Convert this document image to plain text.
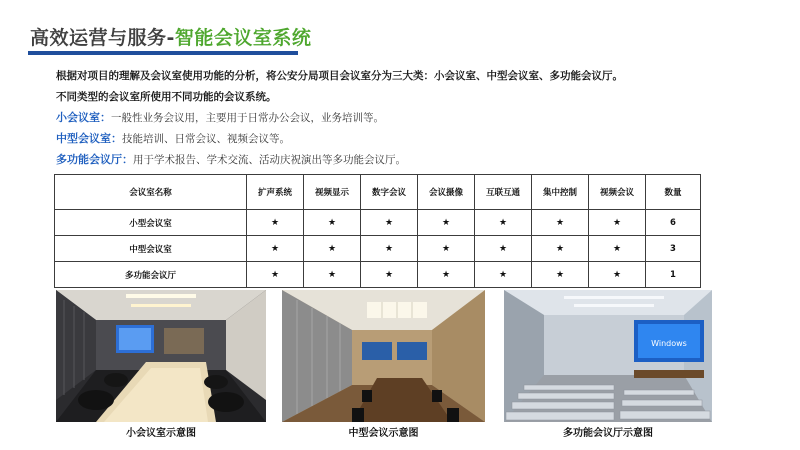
高效运营与服务- 智能会议室系统
根据对项目的理解及会议室使用功能的分析，将公安分局项目会议室分为三大类：小会议室、中型会议室、多功能会议厅。
不同类型的会议室所使用不同功能的会议系统。
小会议室：一般性业务会议用，主要用于日常办公会议，业务培训等。
中型会议室：技能培训、日常会议、视频会议等。
多功能会议厅：用于学术报告、学术交流、活动庆祝演出等多功能会议厅。
会议室名称	扩声系统	视频显示	数字会议	会议摄像	互联互通	集中控制	视频会议	数量
小型会议室	★	★	★	★	★	★	★	6
中型会议室	★	★	★	★	★	★	★	3
多功能会议厅	★	★	★	★	★	★	★	1
小会议室示意图	中型会议示意图
Windows
多功能会议厅示意图
